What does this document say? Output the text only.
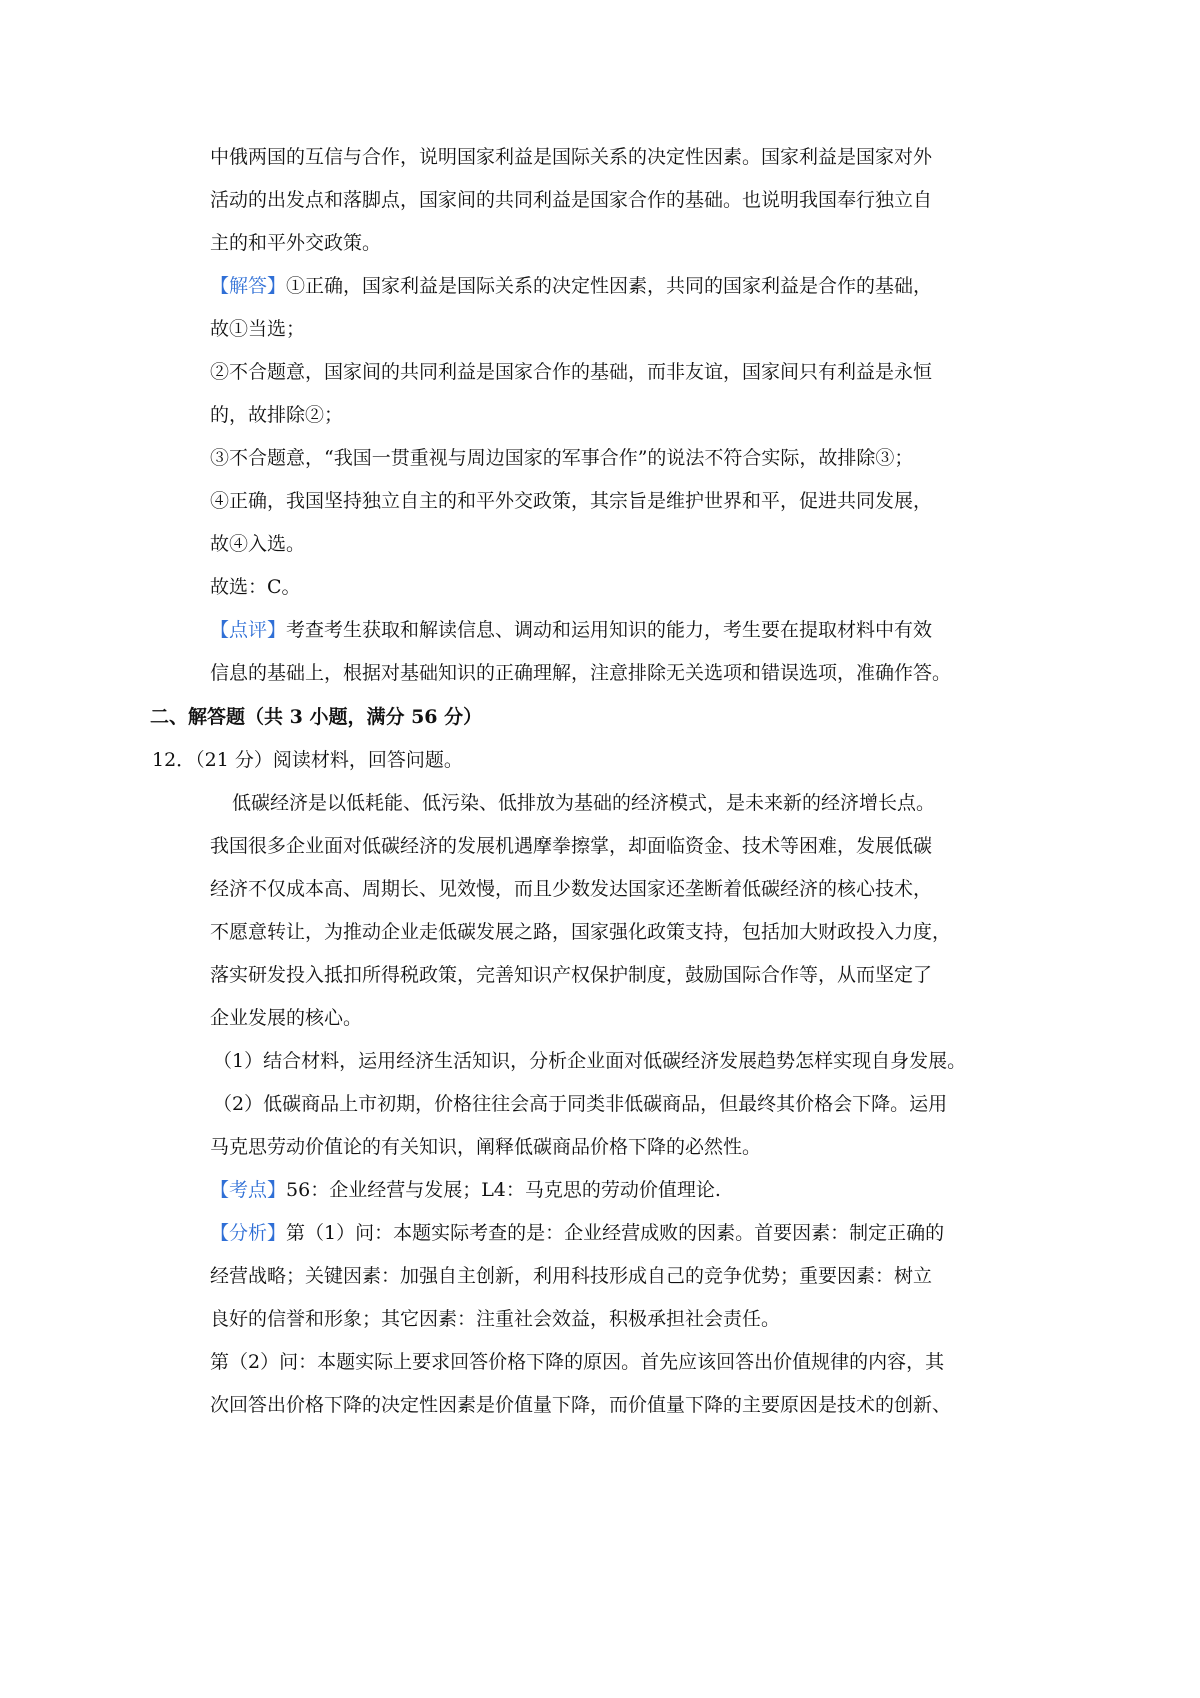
中俄两国的互信与合作，说明国家利益是国际关系的决定性因素。国家利益是国家对外

活动的出发点和落脚点，国家间的共同利益是国家合作的基础。也说明我国奉行独立自

主的和平外交政策。

【解答】①正确，国家利益是国际关系的决定性因素，共同的国家利益是合作的基础，

故①当选；

②不合题意，国家间的共同利益是国家合作的基础，而非友谊，国家间只有利益是永恒

的，故排除②；

③不合题意，“我国一贯重视与周边国家的军事合作”的说法不符合实际，故排除③；

④正确，我国坚持独立自主的和平外交政策，其宗旨是维护世界和平，促进共同发展，

故④入选。

故选：C。

【点评】考查考生获取和解读信息、调动和运用知识的能力，考生要在提取材料中有效

信息的基础上，根据对基础知识的正确理解，注意排除无关选项和错误选项，准确作答。

二、解答题（共 3 小题，满分 56 分）

12．（21 分）阅读材料，回答问题。

低碳经济是以低耗能、低污染、低排放为基础的经济模式，是未来新的经济增长点。

我国很多企业面对低碳经济的发展机遇摩拳擦掌，却面临资金、技术等困难，发展低碳

经济不仅成本高、周期长、见效慢，而且少数发达国家还垄断着低碳经济的核心技术，

不愿意转让，为推动企业走低碳发展之路，国家强化政策支持，包括加大财政投入力度，

落实研发投入抵扣所得税政策，完善知识产权保护制度，鼓励国际合作等，从而坚定了

企业发展的核心。

（1）结合材料，运用经济生活知识，分析企业面对低碳经济发展趋势怎样实现自身发展。

（2）低碳商品上市初期，价格往往会高于同类非低碳商品，但最终其价格会下降。运用

马克思劳动价值论的有关知识，阐释低碳商品价格下降的必然性。

【考点】56：企业经营与发展；L4：马克思的劳动价值理论.

【分析】第（1）问：本题实际考查的是：企业经营成败的因素。首要因素：制定正确的

经营战略；关键因素：加强自主创新，利用科技形成自己的竞争优势；重要因素：树立

良好的信誉和形象；其它因素：注重社会效益，积极承担社会责任。

第（2）问：本题实际上要求回答价格下降的原因。首先应该回答出价值规律的内容，其

次回答出价格下降的决定性因素是价值量下降，而价值量下降的主要原因是技术的创新、
